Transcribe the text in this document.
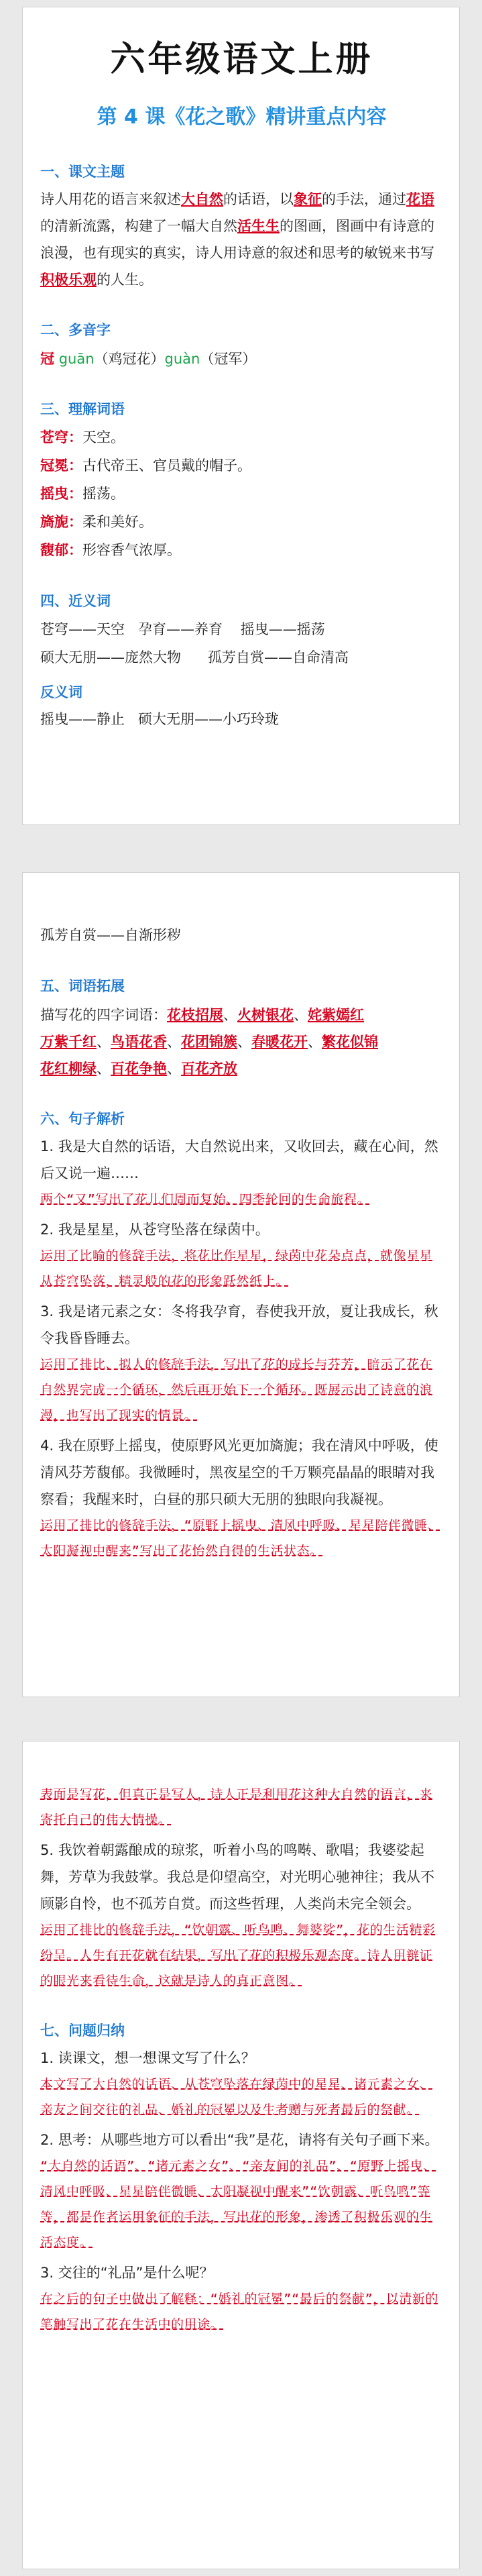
六年级语文上册
第 4 课《花之歌》精讲重点内容
一、课文主题
诗人用花的语言来叙述大自然的话语，以象征的手法，通过花语的清新流露，构建了一幅大自然活生生的图画，图画中有诗意的浪漫，也有现实的真实，诗人用诗意的叙述和思考的敏锐来书写积极乐观的人生。
二、多音字
冠 guān（鸡冠花）guàn（冠军）
三、理解词语
苍穹：天空。
冠冕：古代帝王、官员戴的帽子。
摇曳：摇荡。
旖旎：柔和美好。
馥郁：形容香气浓厚。
四、近义词
苍穹——天空   孕育——养育    摇曳——摇荡
硕大无朋——庞然大物      孤芳自赏——自命清高
反义词
摇曳——静止   硕大无朋——小巧玲珑
孤芳自赏——自渐形秽
五、词语拓展
描写花的四字词语：花枝招展、火树银花、姹紫嫣红
万紫千红、鸟语花香、花团锦簇、春暖花开、繁花似锦
花红柳绿、百花争艳、百花齐放
六、句子解析
1. 我是大自然的话语，大自然说出来，又收回去，藏在心间，然后又说一遍……
两个“又”写出了花儿们周而复始、四季轮回的生命旅程。
2. 我是星星，从苍穹坠落在绿茵中。
运用了比喻的修辞手法，将花比作星星，绿茵中花朵点点，就像星星从苍穹坠落，精灵般的花的形象跃然纸上。
3. 我是诸元素之女：冬将我孕育，春使我开放，夏让我成长，秋令我昏昏睡去。
运用了排比、拟人的修辞手法，写出了花的成长与芬芳，暗示了花在自然界完成一个循环，然后再开始下一个循环。既展示出了诗意的浪漫，也写出了现实的情景。
4. 我在原野上摇曳，使原野风光更加旖旎；我在清风中呼吸，使清风芬芳馥郁。我微睡时，黑夜星空的千万颗亮晶晶的眼睛对我察看；我醒来时，白昼的那只硕大无朋的独眼向我凝视。
运用了排比的修辞手法，“原野上摇曳、清风中呼吸、星星陪伴微睡、太阳凝视中醒来”写出了花怡然自得的生活状态。
表面是写花，但真正是写人，诗人正是利用花这种大自然的语言，来寄托自己的伟大情操。
5. 我饮着朝露酿成的琼浆，听着小鸟的鸣啭、歌唱；我婆娑起舞，芳草为我鼓掌。我总是仰望高空，对光明心驰神往；我从不顾影自怜，也不孤芳自赏。而这些哲理，人类尚未完全领会。
运用了排比的修辞手法，“饮朝露、听鸟鸣、舞婆娑”，花的生活精彩纷呈。人生有开花就有结果，写出了花的积极乐观态度。诗人用辩证的眼光来看待生命，这就是诗人的真正意图。
七、问题归纳
1. 读课文，想一想课文写了什么？
本文写了大自然的话语、从苍穹坠落在绿茵中的星星、诸元素之女、亲友之间交往的礼品、婚礼的冠冕以及生者赠与死者最后的祭献。
2. 思考：从哪些地方可以看出“我”是花，请将有关句子画下来。
“大自然的话语”、“诸元素之女”、“亲友间的礼品”、“原野上摇曳、清风中呼吸、星星陪伴微睡、太阳凝视中醒来”“饮朝露、听鸟鸣”等等，都是作者运用象征的手法，写出花的形象，渗透了积极乐观的生活态度。
3. 交往的“礼品”是什么呢？
在之后的句子中做出了解释：“婚礼的冠冕”“最后的祭献”，以清新的笔触写出了花在生活中的用途。
